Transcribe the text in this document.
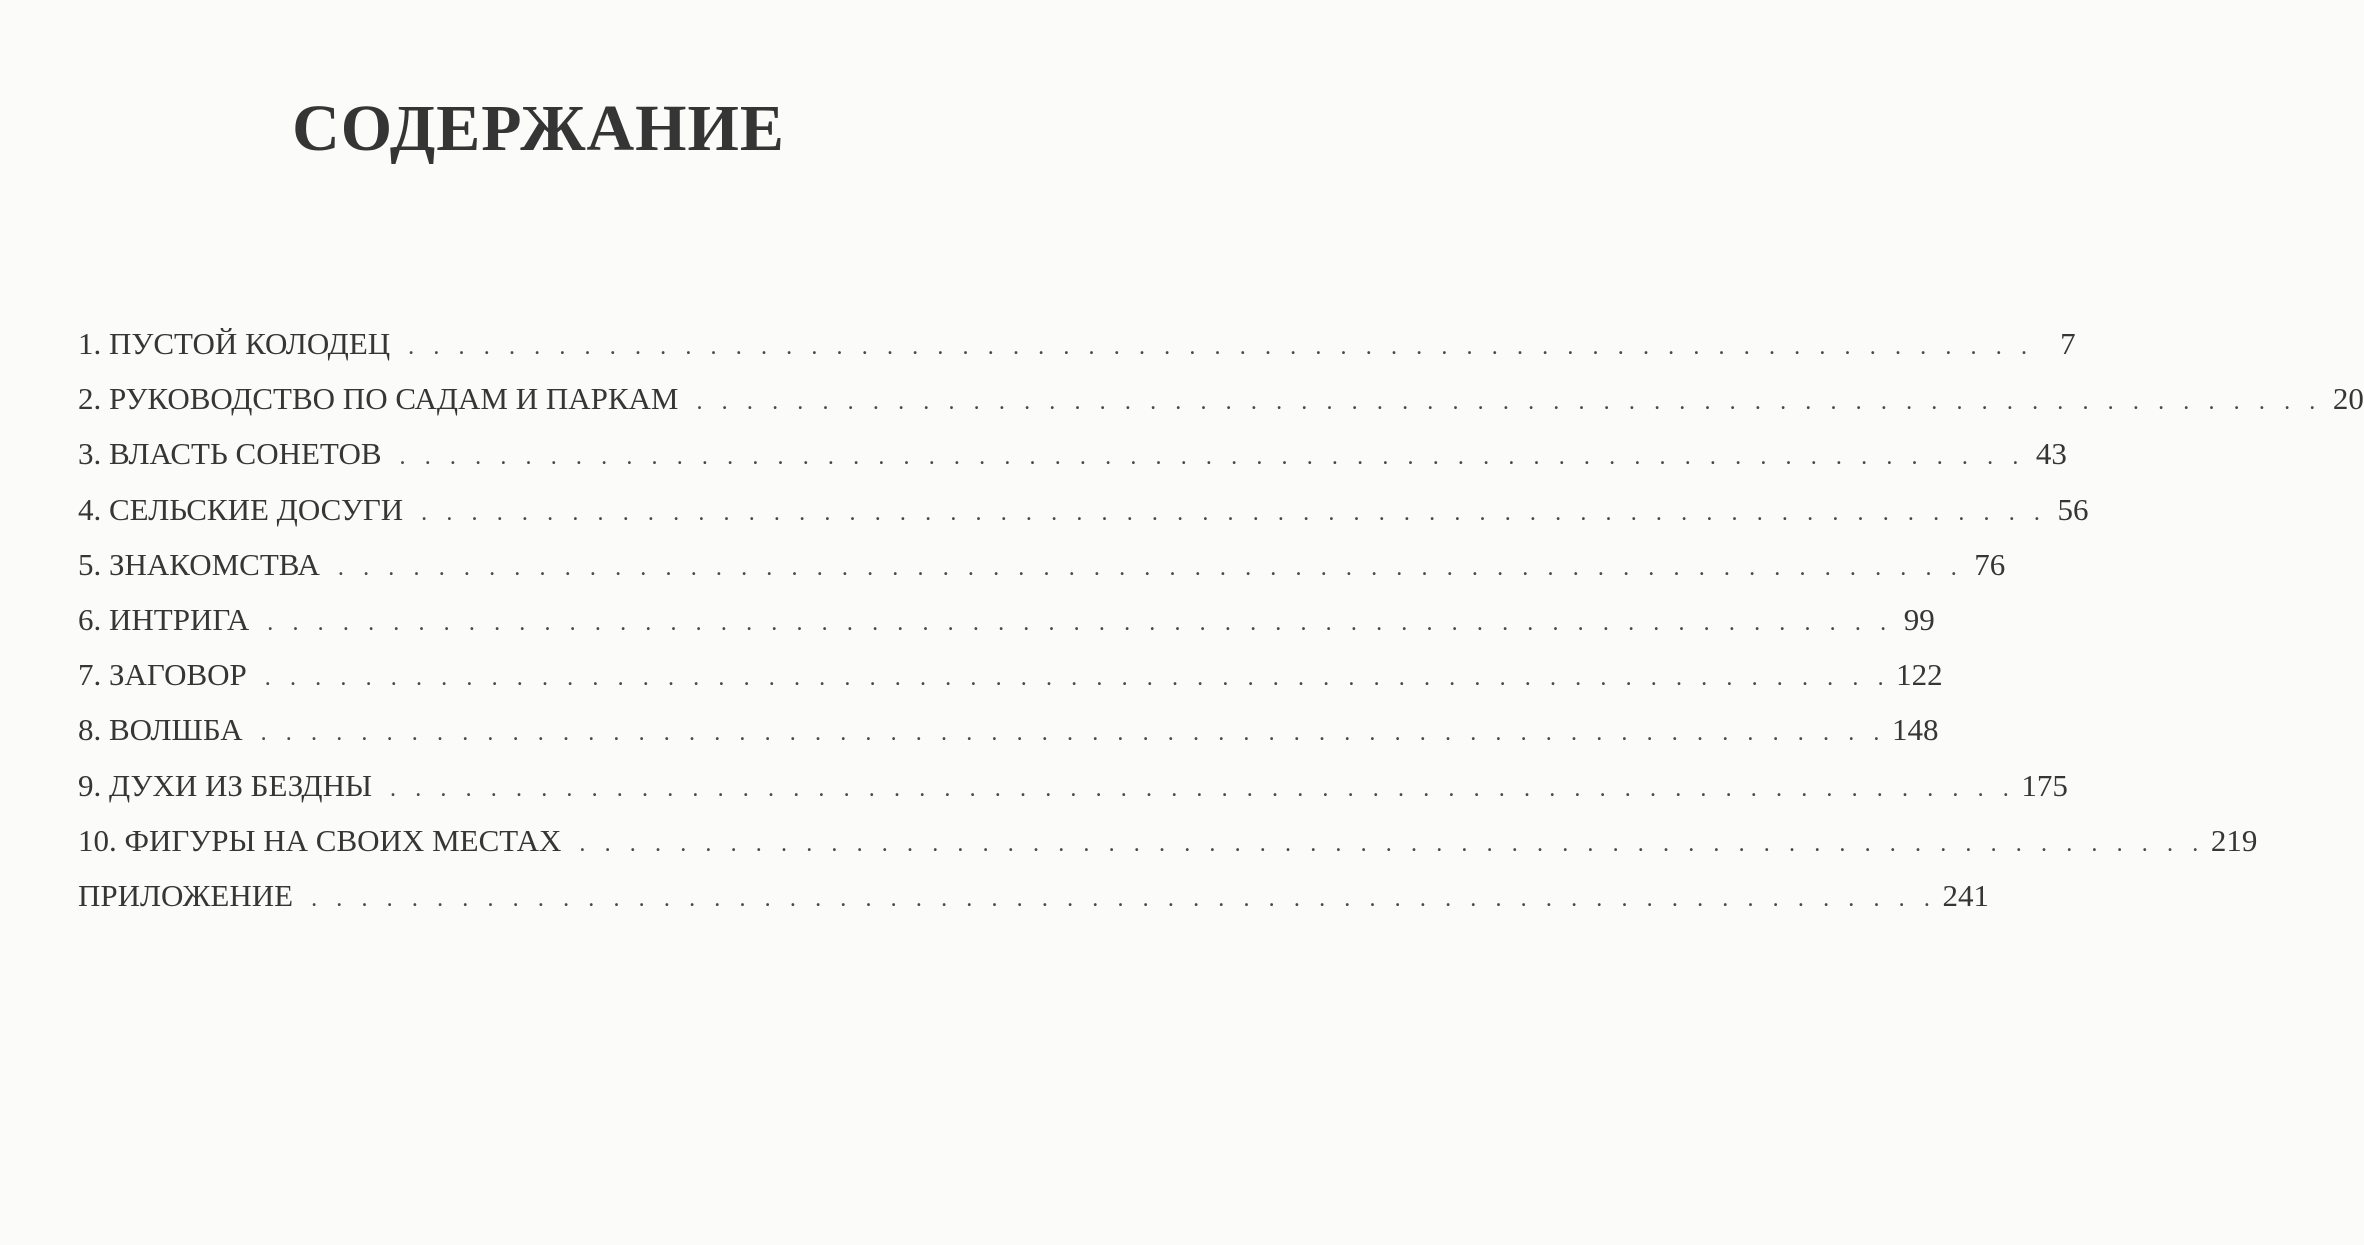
СОДЕРЖАНИЕ
1. ПУСТОЙ КОЛОДЕЦ . . . . . . . . . . . . . . . . . . . . . . . . . . . . . . . . . . . . . . . . . . . . . . . . . . . . . . . . . . . . . . . . . 7
2. РУКОВОДСТВО ПО САДАМ И ПАРКАМ . . . . . . . . . . . . . . . . . . . . . . . . . . . . . . . . . . . . . . . . . . . . . . . . . . . . . . . . . . . . . . . . . 20
3. ВЛАСТЬ СОНЕТОВ . . . . . . . . . . . . . . . . . . . . . . . . . . . . . . . . . . . . . . . . . . . . . . . . . . . . . . . . . . . . . . . . . 43
4. СЕЛЬСКИЕ ДОСУГИ . . . . . . . . . . . . . . . . . . . . . . . . . . . . . . . . . . . . . . . . . . . . . . . . . . . . . . . . . . . . . . . . . 56
5. ЗНАКОМСТВА . . . . . . . . . . . . . . . . . . . . . . . . . . . . . . . . . . . . . . . . . . . . . . . . . . . . . . . . . . . . . . . . . 76
6. ИНТРИГА . . . . . . . . . . . . . . . . . . . . . . . . . . . . . . . . . . . . . . . . . . . . . . . . . . . . . . . . . . . . . . . . . 99
7. ЗАГОВОР . . . . . . . . . . . . . . . . . . . . . . . . . . . . . . . . . . . . . . . . . . . . . . . . . . . . . . . . . . . . . . . . . 122
8. ВОЛШБА . . . . . . . . . . . . . . . . . . . . . . . . . . . . . . . . . . . . . . . . . . . . . . . . . . . . . . . . . . . . . . . . . 148
9. ДУХИ ИЗ БЕЗДНЫ . . . . . . . . . . . . . . . . . . . . . . . . . . . . . . . . . . . . . . . . . . . . . . . . . . . . . . . . . . . . . . . . . 175
10. ФИГУРЫ НА СВОИХ МЕСТАХ . . . . . . . . . . . . . . . . . . . . . . . . . . . . . . . . . . . . . . . . . . . . . . . . . . . . . . . . . . . . . . . . . 219
ПРИЛОЖЕНИЕ . . . . . . . . . . . . . . . . . . . . . . . . . . . . . . . . . . . . . . . . . . . . . . . . . . . . . . . . . . . . . . . . . 241
